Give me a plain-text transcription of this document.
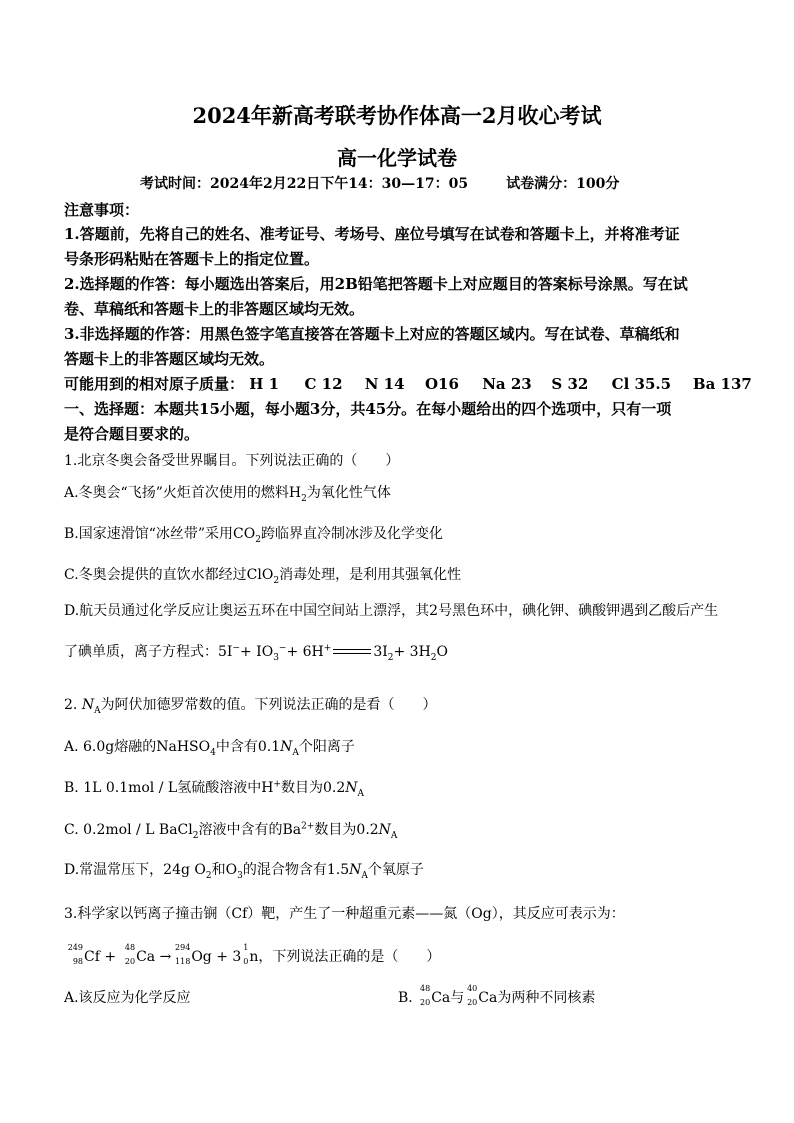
2024年新高考联考协作体高一2月收心考试
高一化学试卷
考试时间：2024年2月22日下午14：30—17：05	试卷满分：100分
注意事项：
1.答题前，先将自己的姓名、准考证号、考场号、座位号填写在试卷和答题卡上，并将准考证
号条形码粘贴在答题卡上的指定位置。
2.选择题的作答：每小题选出答案后，用2B铅笔把答题卡上对应题目的答案标号涂黑。写在试
卷、草稿纸和答题卡上的非答题区域均无效。
3.非选择题的作答：用黑色签字笔直接答在答题卡上对应的答题区域内。写在试卷、草稿纸和
答题卡上的非答题区域均无效。
可能用到的相对原子质量： H 1 C 12 N 14 O16 Na 23 S 32 Cl 35.5 Ba 137
一、选择题：本题共15小题，每小题3分，共45分。在每小题给出的四个选项中，只有一项
是符合题目要求的。
1.北京冬奥会备受世界瞩目。下列说法正确的（　　）
A.冬奥会“飞扬”火炬首次使用的燃料$H_2$为氧化性气体
B.国家速滑馆“冰丝带”采用$CO_2$跨临界直冷制冰涉及化学变化
C.冬奥会提供的直饮水都经过ClO$_2$消毒处理，是利用其强氧化性
D.航天员通过化学反应让奥运五环在中国空间站上漂浮，其2号黑色环中，碘化钾、碘酸钾遇到乙酸后产生
了碘单质，离子方程式：$5I^-+ IO_3^-+ 6H^+$	$3I_2+ 3H_2O$
2. $N_A$为阿伏加德罗常数的值。下列说法正确的是看（　　）
A. 6.0g熔融的NaHSO$_4$中含有$0.1N_A$个阳离子
B. 1L 0.1mol / L氢硫酸溶液中H+数目为$0.2N_A$
C. 0.2mol / L BaCl$_2$溶液中含有的$Ba^{2+}$数目为$0.2N_A$
D.常温常压下，24g $O_2$和$O_3$的混合物含有$1.5N_A$个氧原子
3.科学家以钙离子撞击锎（Cf）靶，产生了一种超重元素——氮（Og），其反应可表示为：
249
98 Cf +
48
20 Ca →
294
118 Og + 3
1
0 n，下列说法正确的是（　　）
A.该反应为化学反应	B.
48
20 Ca与
40
20 Ca为两种不同核素
